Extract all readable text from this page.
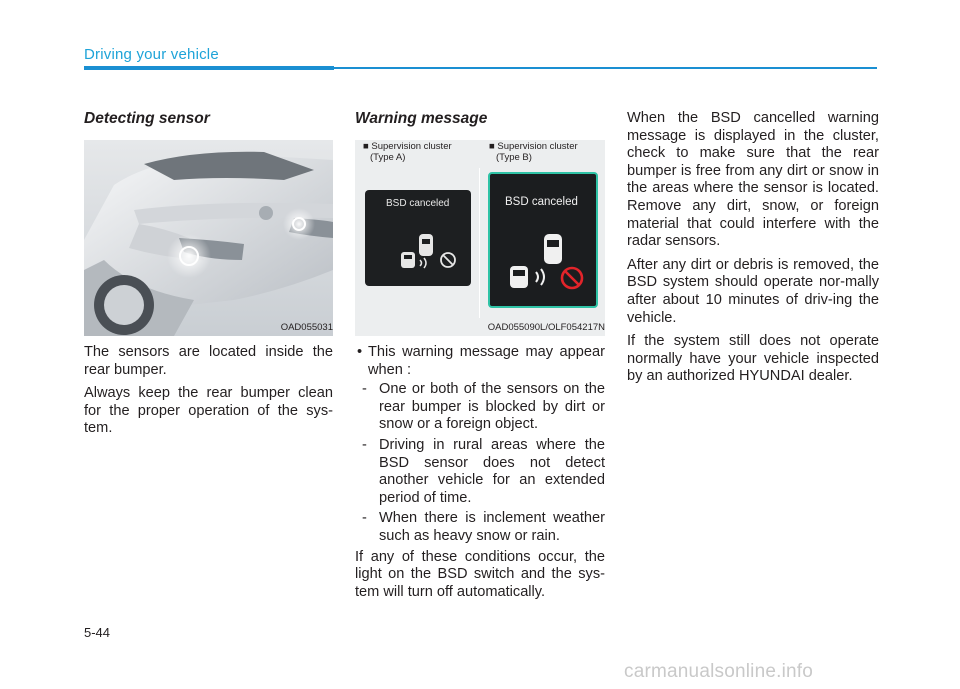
Driving your vehicle
Detecting sensor
OAD055031

The sensors are located inside the rear bumper.

Always keep the rear bumper clean for the proper operation of the sys-tem.

Warning message
■ Supervision cluster
(Type A)
■ Supervision cluster
(Type B)
BSD canceled	BSD canceled
OAD055090L/OLF054217N
• This warning message may appear when :
- One or both of the sensors on the rear bumper is blocked by dirt or snow or a foreign object.
- Driving in rural areas where the BSD sensor does not detect another vehicle for an extended period of time.
- When there is inclement weather such as heavy snow or rain.

If any of these conditions occur, the light on the BSD switch and the sys-tem will turn off automatically.

When the BSD cancelled warning message is displayed in the cluster, check to make sure that the rear bumper is free from any dirt or snow in the areas where the sensor is located. Remove any dirt, snow, or foreign material that could interfere with the radar sensors.

After any dirt or debris is removed, the BSD system should operate nor-mally after about 10 minutes of driv-ing the vehicle.

If the system still does not operate normally have your vehicle inspected by an authorized HYUNDAI dealer.

5-44
carmanualsonline.info
